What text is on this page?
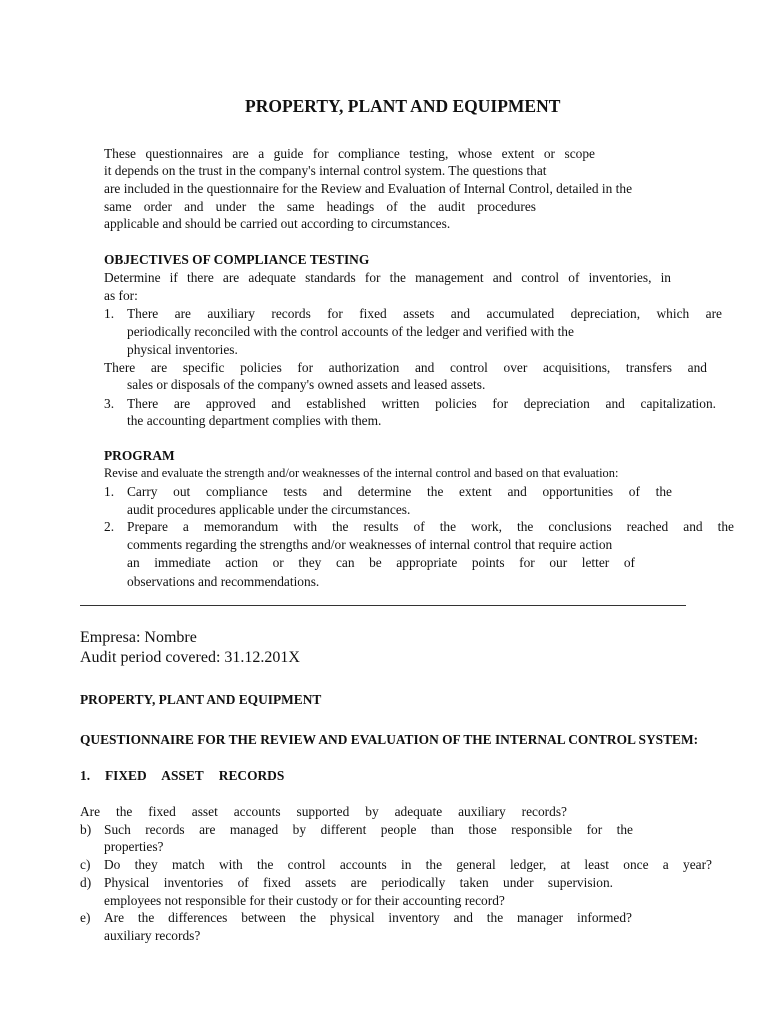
PROPERTY, PLANT AND EQUIPMENT
These questionnaires are a guide for compliance testing, whose extent or scope
it depends on the trust in the company's internal control system. The questions that
are included in the questionnaire for the Review and Evaluation of Internal Control, detailed in the
same order and under the same headings of the audit procedures
applicable and should be carried out according to circumstances.
OBJECTIVES OF COMPLIANCE TESTING
Determine if there are adequate standards for the management and control of inventories, in
as for:
1. There are auxiliary records for fixed assets and accumulated depreciation, which are
periodically reconciled with the control accounts of the ledger and verified with the
physical inventories.
There are specific policies for authorization and control over acquisitions, transfers and
sales or disposals of the company's owned assets and leased assets.
3. There are approved and established written policies for depreciation and capitalization.
the accounting department complies with them.
PROGRAM
Revise and evaluate the strength and/or weaknesses of the internal control and based on that evaluation:
1. Carry out compliance tests and determine the extent and opportunities of the
audit procedures applicable under the circumstances.
2. Prepare a memorandum with the results of the work, the conclusions reached and the
comments regarding the strengths and/or weaknesses of internal control that require action
an immediate action or they can be appropriate points for our letter of
observations and recommendations.
Empresa: Nombre
Audit period covered: 31.12.201X
PROPERTY, PLANT AND EQUIPMENT
QUESTIONNAIRE FOR THE REVIEW AND EVALUATION OF THE INTERNAL CONTROL SYSTEM:
1. FIXED ASSET RECORDS
Are the fixed asset accounts supported by adequate auxiliary records?
b) Such records are managed by different people than those responsible for the
properties?
c) Do they match with the control accounts in the general ledger, at least once a year?
d) Physical inventories of fixed assets are periodically taken under supervision.
employees not responsible for their custody or for their accounting record?
e) Are the differences between the physical inventory and the manager informed?
auxiliary records?
